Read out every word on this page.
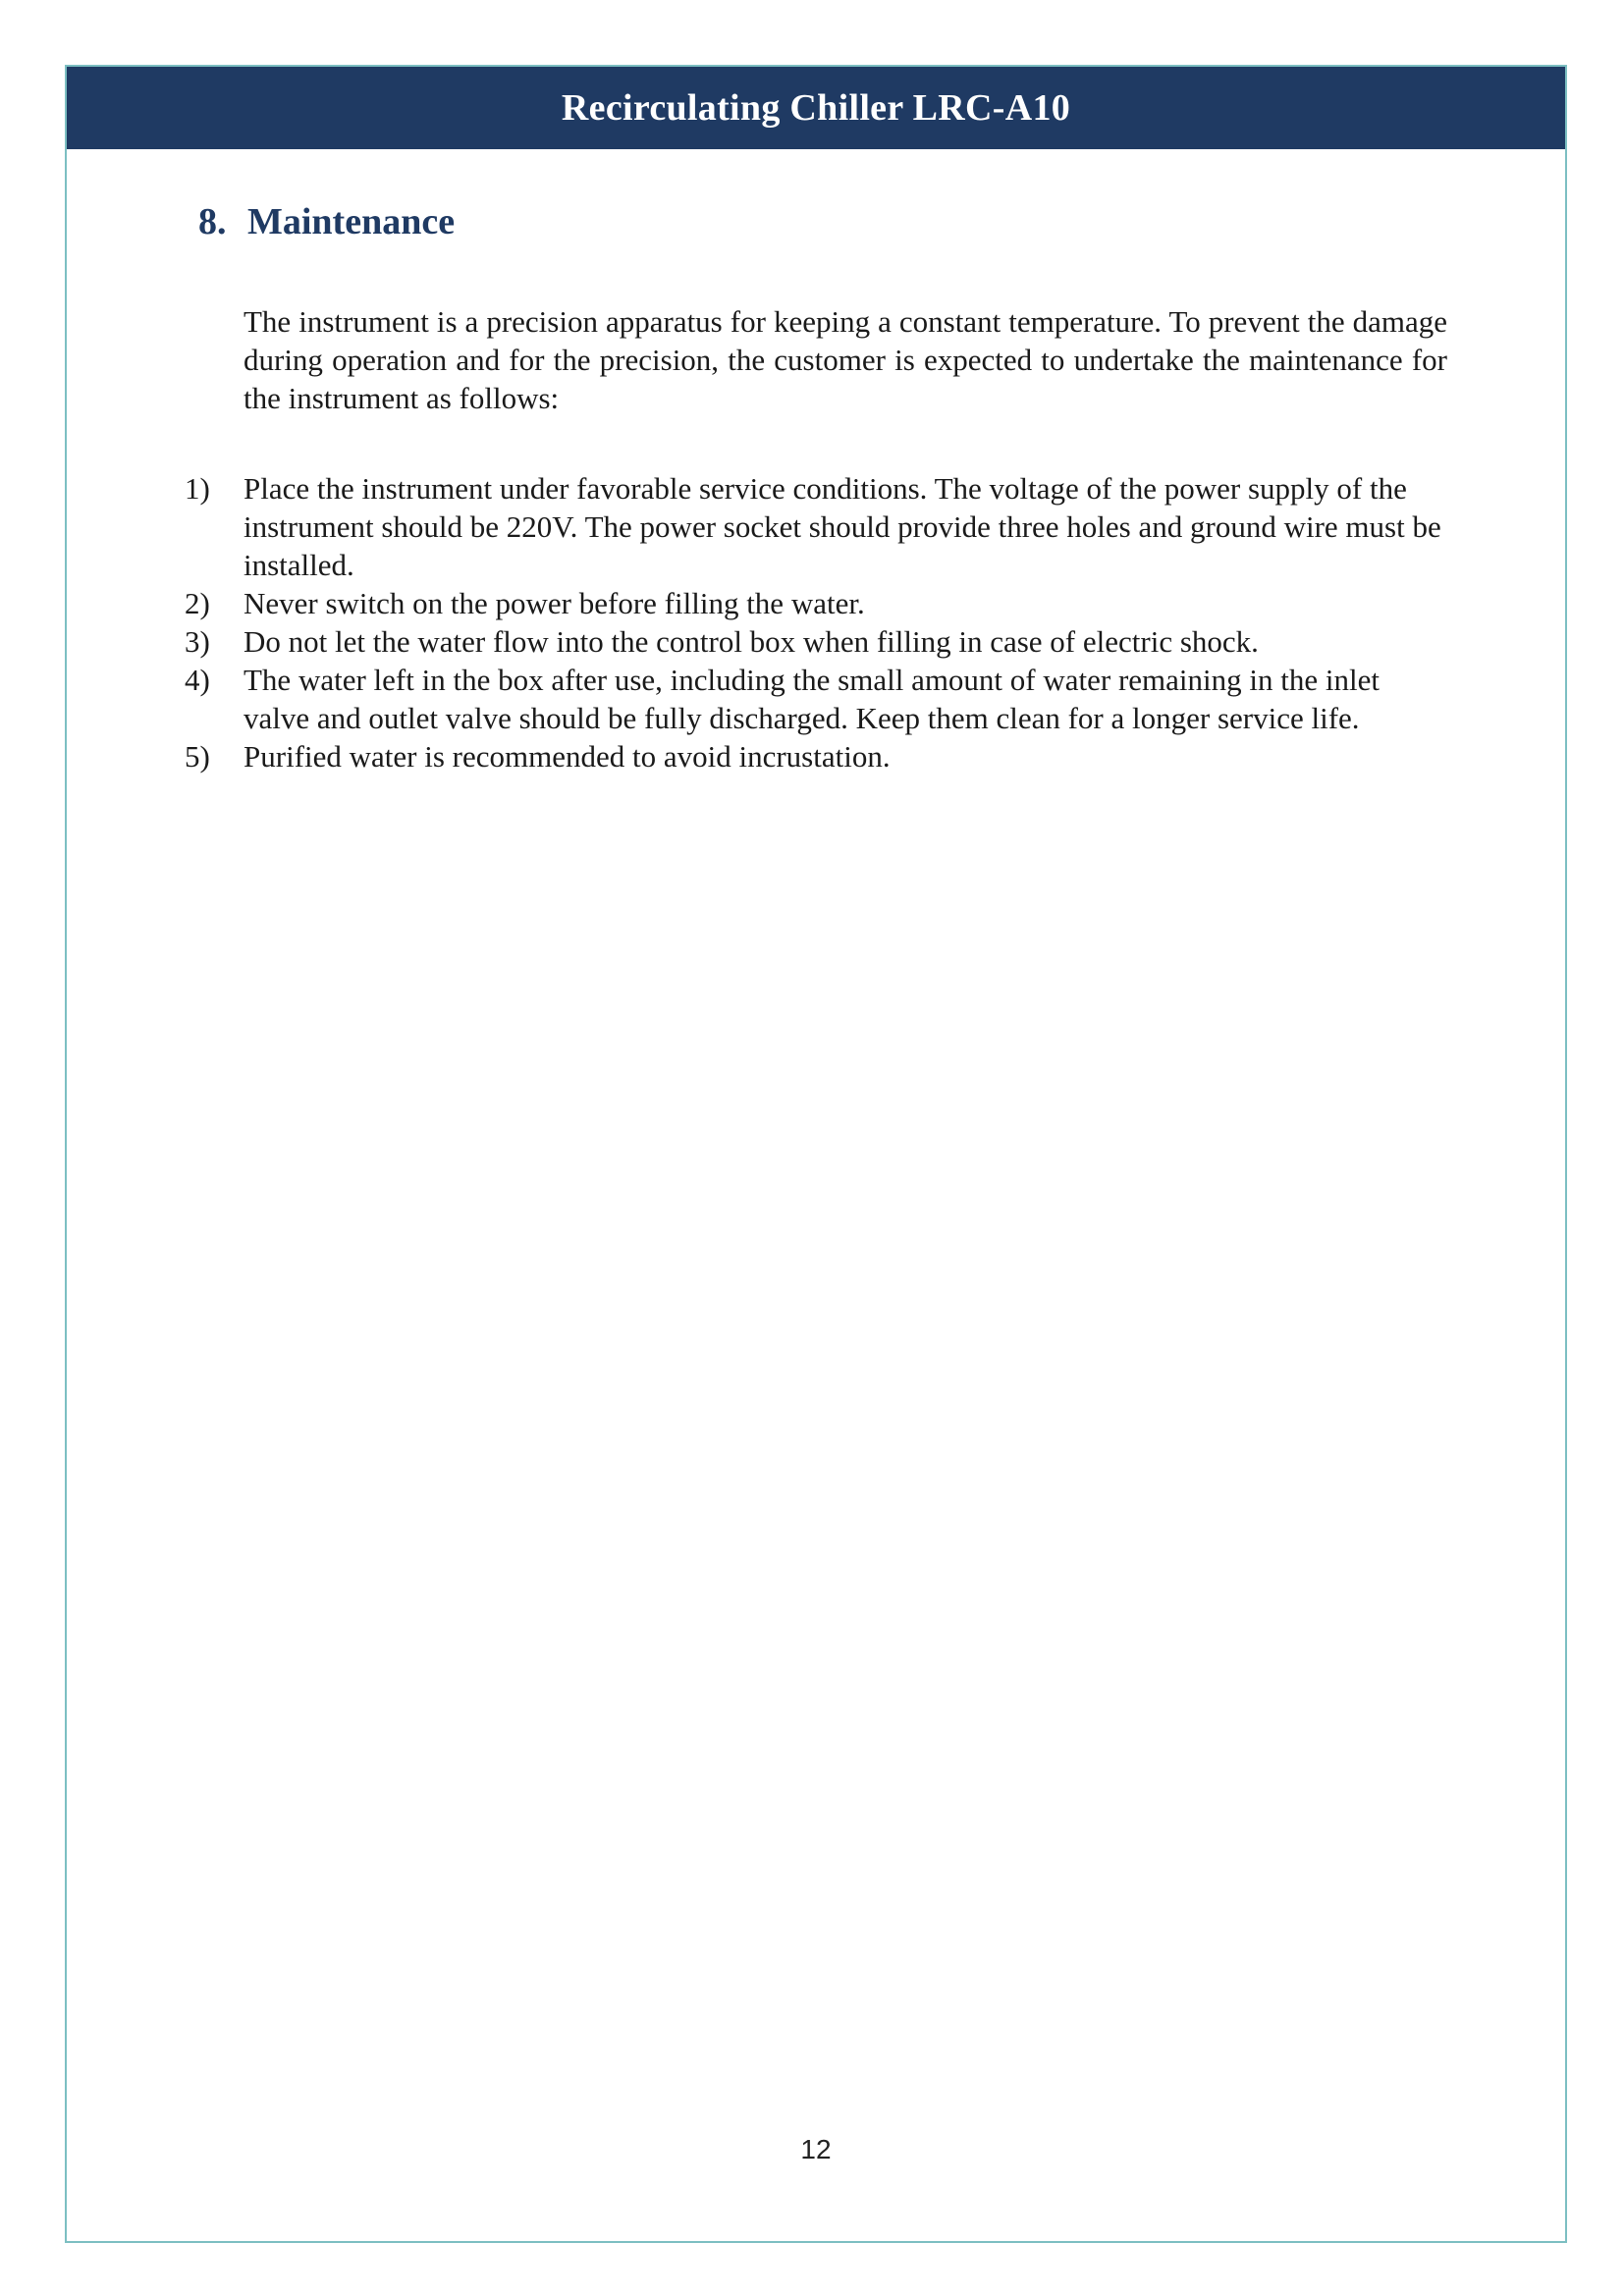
Recirculating Chiller LRC-A10
8. Maintenance

The instrument is a precision apparatus for keeping a constant temperature. To prevent the damage during operation and for the precision, the customer is expected to undertake the maintenance for the instrument as follows:

1)	Place the instrument under favorable service conditions. The voltage of the power supply of the instrument should be 220V. The power socket should provide three holes and ground wire must be installed.
2)	Never switch on the power before filling the water.
3)	Do not let the water flow into the control box when filling in case of electric shock.
4)	The water left in the box after use, including the small amount of water remaining in the inlet valve and outlet valve should be fully discharged. Keep them clean for a longer service life.
5)	Purified water is recommended to avoid incrustation.
12
